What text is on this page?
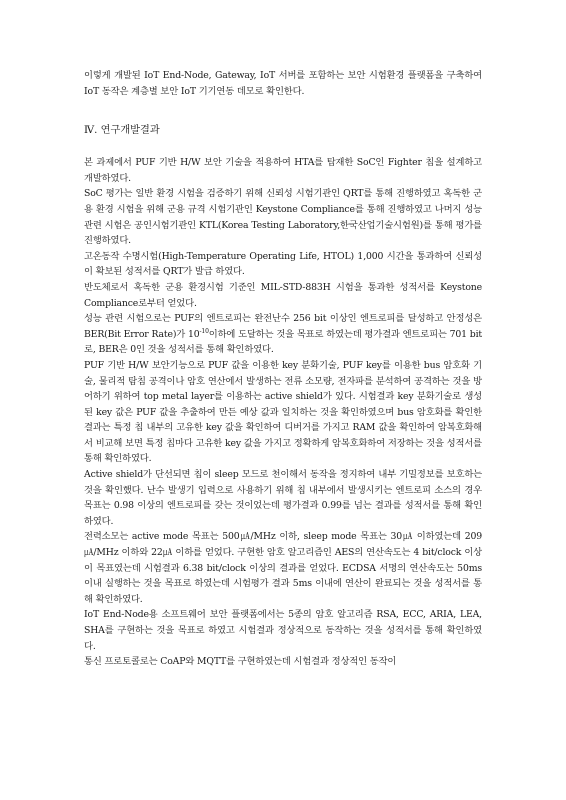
이렇게 개발된 IoT End-Node, Gateway, IoT 서버를 포함하는 보안 시험환경 플랫폼을 구축하여 IoT 동작은 계층별 보안 IoT 기기연동 데모로 확인한다.

Ⅳ. 연구개발결과

본 과제에서 PUF 기반 H/W 보안 기술을 적용하여 HTA를 탑재한 SoC인 Fighter 칩을 설계하고 개발하였다.

SoC 평가는 일반 환경 시험을 검증하기 위해 신뢰성 시험기관인 QRT를 통해 진행하였고 혹독한 군용 환경 시험을 위해 군용 규격 시험기관인 Keystone Compliance를 통해 진행하였고 나머지 성능 관련 시험은 공인시험기관인 KTL(Korea Testing Laboratory,한국산업기술시험원)를 통해 평가를 진행하였다.

고온동작 수명시험(High-Temperature Operating Life, HTOL) 1,000 시간을 통과하여 신뢰성이 확보된 성적서를 QRT가 발급 하였다.

반도체로서 혹독한 군용 환경시험 기준인 MIL-STD-883H 시험을 통과한 성적서를 Keystone Compliance로부터 얻었다.

성능 관련 시험으로는 PUF의 엔트로피는 완전난수 256 bit 이상인 엔트로피를 달성하고 안정성은 BER(Bit Error Rate)가 $10^{-10}$이하에 도달하는 것을 목표로 하였는데 평가결과 엔트로피는 701 bit로, BER은 0인 것을 성적서를 통해 확인하였다.

PUF 기반 H/W 보안기능으로 PUF 값을 이용한 key 분화기술, PUF key를 이용한 bus 암호화 기술, 물리적 탐침 공격이나 암호 연산에서 발생하는 전류 소모량, 전자파를 분석하여 공격하는 것을 방어하기 위하여 top metal layer를 이용하는 active shield가 있다. 시험결과 key 분화기술로 생성된 key 값은 PUF 값을 추출하여 만든 예상 값과 일치하는 것을 확인하였으며 bus 암호화를 확인한 결과는 특정 칩 내부의 고유한 key 값을 확인하여 디버거를 가지고 RAM 값을 확인하여 암복호화해서 비교해 보면 특정 칩마다 고유한 key 값을 가지고 정확하게 암복호화하여 저장하는 것을 성적서를 통해 확인하였다.

Active shield가 단선되면 칩이 sleep 모드로 천이해서 동작을 정지하여 내부 기밀정보를 보호하는 것을 확인했다. 난수 발생기 입력으로 사용하기 위해 칩 내부에서 발생시키는 엔트로피 소스의 경우 목표는 0.98 이상의 엔트로피를 갖는 것이었는데 평가결과 0.99를 넘는 결과를 성적서를 통해 확인하였다.

전력소모는 active mode 목표는 500㎂/MHz 이하, sleep mode 목표는 30㎂ 이하였는데 209㎂/MHz 이하와 22㎂ 이하를 얻었다. 구현한 암호 알고리즘인 AES의 연산속도는 4 bit/clock 이상이 목표였는데 시험결과 6.38 bit/clock 이상의 결과를 얻었다. ECDSA 서명의 연산속도는 50ms 이내 실행하는 것을 목표로 하였는데 시험평가 결과 5ms 이내에 연산이 완료되는 것을 성적서를 통해 확인하였다.

IoT End-Node용 소프트웨어 보안 플랫폼에서는 5종의 암호 알고리즘 RSA, ECC, ARIA, LEA, SHA를 구현하는 것을 목표로 하였고 시험결과 정상적으로 동작하는 것을 성적서를 통해 확인하였다.

통신 프로토콜로는 CoAP와 MQTT를 구현하였는데 시험결과 정상적인 동작이
